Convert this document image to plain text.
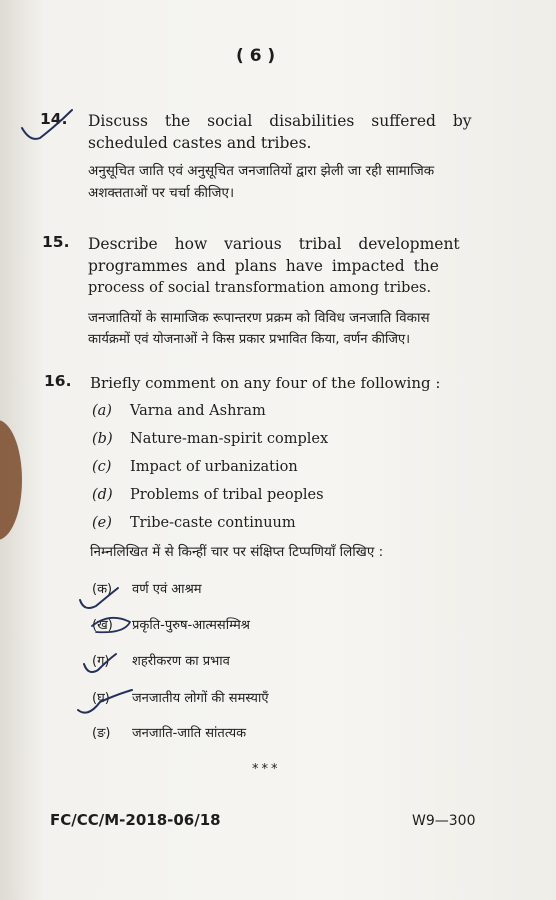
( 6 )
14. Discuss the social disabilities suffered by
scheduled castes and tribes.
अनुसूचित जाति एवं अनुसूचित जनजातियों द्वारा झेली जा रही सामाजिक
अशक्तताओं पर चर्चा कीजिए।
15. Describe how various tribal development
programmes and plans have impacted the
process of social transformation among tribes.
जनजातियों के सामाजिक रूपान्तरण प्रक्रम को विविध जनजाति विकास
कार्यक्रमों एवं योजनाओं ने किस प्रकार प्रभावित किया, वर्णन कीजिए।
16. Briefly comment on any four of the following :
(a) Varna and Ashram
(b) Nature-man-spirit complex
(c) Impact of urbanization
(d) Problems of tribal peoples
(e) Tribe-caste continuum
निम्नलिखित में से किन्हीं चार पर संक्षिप्त टिप्पणियाँ लिखिए :
(क) वर्ण एवं आश्रम
(ख) प्रकृति-पुरुष-आत्मसम्मिश्र
(ग) शहरीकरण का प्रभाव
(घ) जनजातीय लोगों की समस्याएँ
(ङ) जनजाति-जाति सांतत्यक
***
FC/CC/M-2018-06/18	W9—300
